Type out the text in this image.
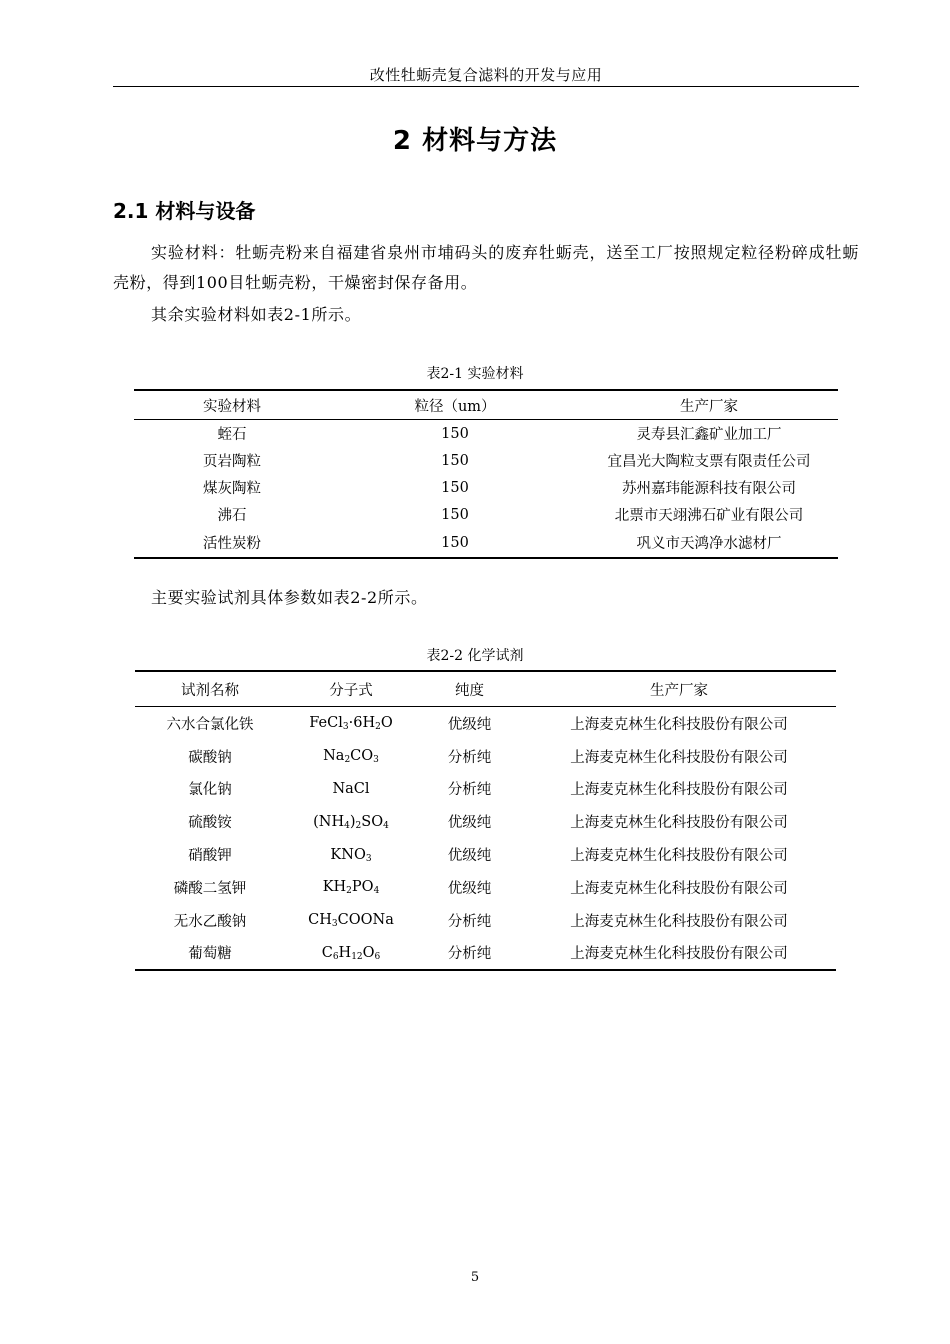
改性牡蛎壳复合滤料的开发与应用
2 材料与方法
2.1 材料与设备
实验材料：牡蛎壳粉来自福建省泉州市埔码头的废弃牡蛎壳，送至工厂按照规定粒径粉碎成牡蛎壳粉，得到100目牡蛎壳粉，干燥密封保存备用。
其余实验材料如表2-1所示。
表2-1 实验材料
实验材料	粒径（um）	生产厂家
蛭石	150	灵寿县汇鑫矿业加工厂
页岩陶粒	150	宜昌光大陶粒支票有限责任公司
煤灰陶粒	150	苏州嘉玮能源科技有限公司
沸石	150	北票市天翊沸石矿业有限公司
活性炭粉	150	巩义市天鸿净水滤材厂
主要实验试剂具体参数如表2-2所示。
表2-2 化学试剂
试剂名称	分子式	纯度	生产厂家
六水合氯化铁	$FeCl_3\cdot 6H_2O$	优级纯	上海麦克林生化科技股份有限公司
碳酸钠	$Na_2CO_3$	分析纯	上海麦克林生化科技股份有限公司
氯化钠	NaCl	分析纯	上海麦克林生化科技股份有限公司
硫酸铵	$(NH_4)_2SO_4$	优级纯	上海麦克林生化科技股份有限公司
硝酸钾	$KNO_3$	优级纯	上海麦克林生化科技股份有限公司
磷酸二氢钾	$KH_2PO_4$	优级纯	上海麦克林生化科技股份有限公司
无水乙酸钠	$CH_3COONa$	分析纯	上海麦克林生化科技股份有限公司
葡萄糖	$C_6H_{12}O_6$	分析纯	上海麦克林生化科技股份有限公司
5
